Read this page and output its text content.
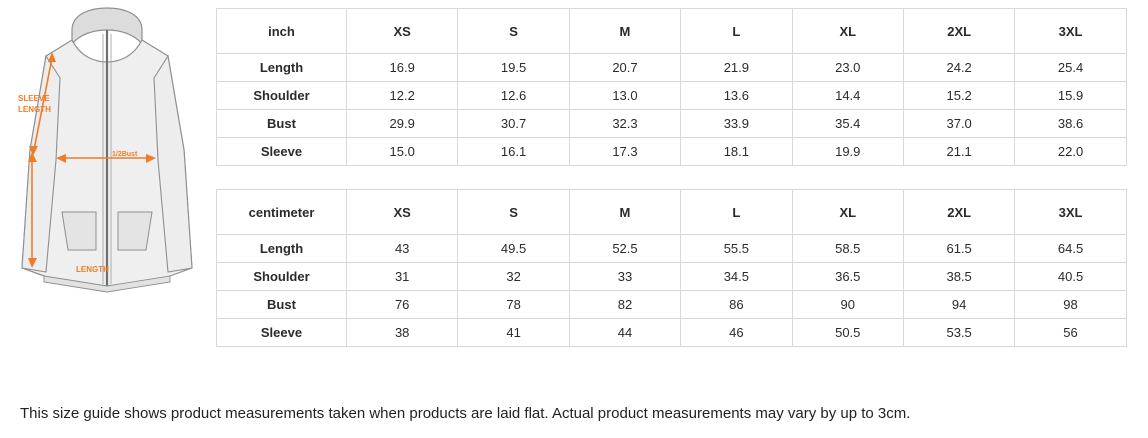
SLEEVE
LENGTH
1/2Bust
LENGTH
inch	XS	S	M	L	XL	2XL	3XL
Length	16.9	19.5	20.7	21.9	23.0	24.2	25.4
Shoulder	12.2	12.6	13.0	13.6	14.4	15.2	15.9
Bust	29.9	30.7	32.3	33.9	35.4	37.0	38.6
Sleeve	15.0	16.1	17.3	18.1	19.9	21.1	22.0
centimeter	XS	S	M	L	XL	2XL	3XL
Length	43	49.5	52.5	55.5	58.5	61.5	64.5
Shoulder	31	32	33	34.5	36.5	38.5	40.5
Bust	76	78	82	86	90	94	98
Sleeve	38	41	44	46	50.5	53.5	56
This size guide shows product measurements taken when products are laid flat. Actual product measurements may vary by up to 3cm.
